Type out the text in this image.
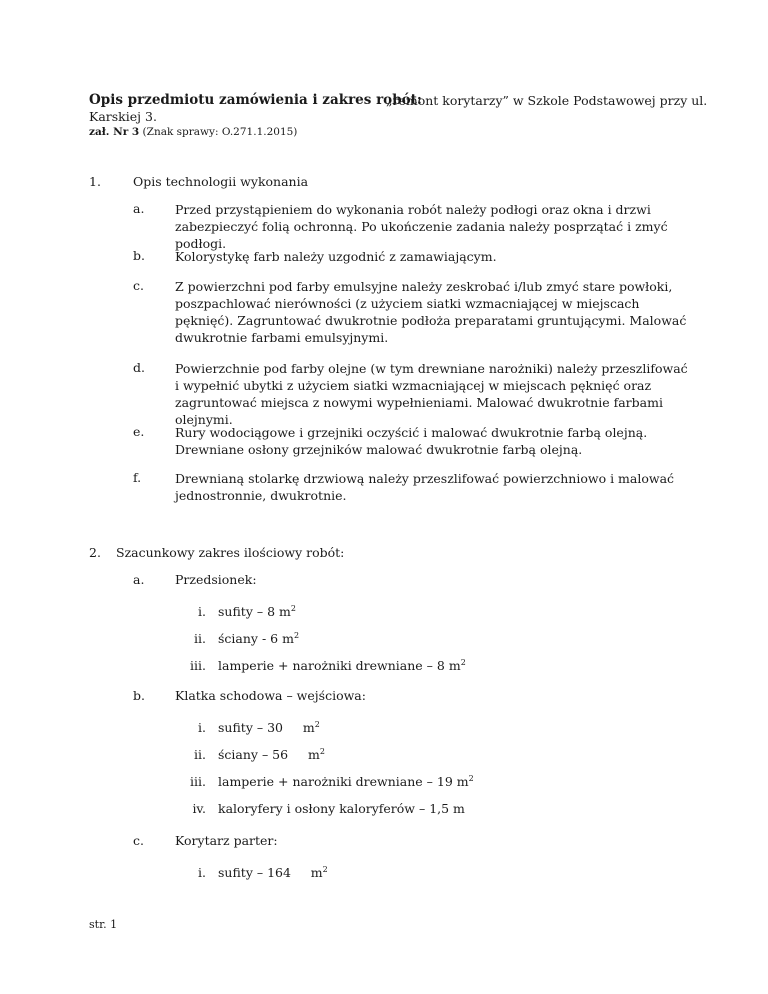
Opis przedmiotu zamówienia i zakres robót:
„remont korytarzy” w Szkole Podstawowej przy ul.
Karskiej 3.
zał. Nr 3 (Znak sprawy: O.271.1.2015)
1.	Opis technologii wykonania
a. Przed przystąpieniem do wykonania robót należy podłogi oraz okna i drzwi zabezpieczyć folią ochronną. Po ukończenie zadania należy posprzątać i zmyć podłogi.
b. Kolorystykę farb należy uzgodnić z zamawiającym.
c. Z powierzchni pod farby emulsyjne należy zeskrobać i/lub zmyć stare powłoki, poszpachlować nierówności (z użyciem siatki wzmacniającej w miejscach pęknięć). Zagruntować dwukrotnie podłoża preparatami gruntującymi. Malować dwukrotnie farbami emulsyjnymi.
d. Powierzchnie pod farby olejne (w tym drewniane narożniki) należy przeszlifować i wypełnić ubytki z użyciem siatki wzmacniającej w miejscach pęknięć oraz zagruntować miejsca z nowymi wypełnieniami. Malować dwukrotnie farbami olejnymi.
e. Rury wodociągowe i grzejniki oczyścić i malować dwukrotnie farbą olejną. Drewniane osłony grzejników malować dwukrotnie farbą olejną.
f.	Drewnianą stolarkę drzwiową należy przeszlifować powierzchniowo i malować jednostronnie, dwukrotnie.
2. Szacunkowy zakres ilościowy robót:
a. Przedsionek:
i. sufity – 8 $m^2$
ii. ściany - 6 $m^2$
iii. lamperie + narożniki drewniane – 8 $m^2$
b. Klatka schodowa – wejściowa:
i. sufity – 30     $m^2$
ii. ściany – 56     $m^2$
iii. lamperie + narożniki drewniane – 19 $m^2$
iv. kaloryfery i osłony kaloryferów – 1,5 m
c. Korytarz parter:
i. sufity – 164     $m^2$
str. 1
